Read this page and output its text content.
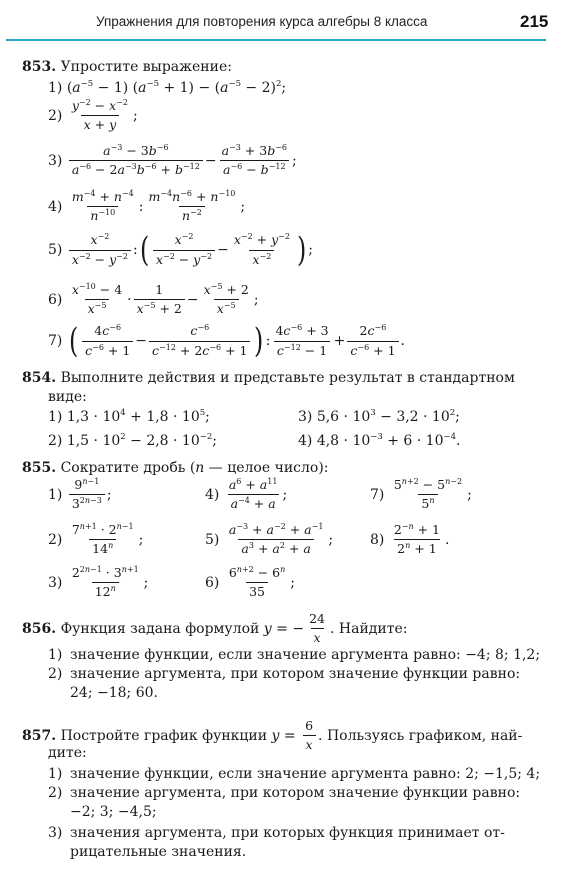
Упражнения для повторения курса алгебры 8 класса	215
853. Упростите выражение:
1) $(a^{-5} - 1) (a^{-5} + 1) - (a^{-5} - 2)^2$;
$2) \frac{y^{-2} - x^{-2}}{x + y}$ ;
$3) \frac{a^{-3} - 3b^{-6}}{a^{-6} - 2a^{-3}b^{-6} + b^{-12}} - \frac{a^{-3} + 3b^{-6}}{a^{-6} - b^{-12}}$ ;
$4) \frac{m^{-4} + n^{-4}}{n^{-10}}$ : $\frac{m^{-4}n^{-6} + n^{-10}}{n^{-2}}$ ;
$5) \frac{x^{-2}}{x^{-2} - y^{-2}}$ :( $\frac{x^{-2}}{x^{-2} - y^{-2}} - \frac{x^{-2} + y^{-2}}{x^{-2}}$ ) ;
$6) \frac{x^{-10} - 4}{x^{-5}} \cdot \frac{1}{x^{-5} + 2} - \frac{x^{-5} + 2}{x^{-5}}$ ;
7) ( $\frac{4c^{-6}}{c^{-6} + 1} - \frac{c^{-6}}{c^{-12} + 2c^{-6} + 1}$ ) : $\frac{4c^{-6} + 3}{c^{-12} - 1} + \frac{2c^{-6}}{c^{-6} + 1}$ .
854. Выполните действия и представьте результат в стандартном
виде:
1) $1,3 \cdot 10^4 + 1,8 \cdot 10^5$;	3) $5,6 \cdot 10^3 - 3,2 \cdot 10^2$;
2) $1,5 \cdot 10^2 - 2,8 \cdot 10^{-2}$;	4) $4,8 \cdot 10^{-3} + 6 \cdot 10^{-4}$.
855. Сократите дробь (n — целое число):
$1) \frac{9^{n-1}}{3^{2n-3}}$ ;	$4) \frac{a^6 + a^{11}}{a^{-4} + a}$ ;	$7) \frac{5^{n+2} - 5^{n-2}}{5^n}$ ;
$2) \frac{7^{n+1} \cdot 2^{n-1}}{14^n}$ ;	$5) \frac{a^{-3} + a^{-2} + a^{-1}}{a^3 + a^2 + a}$ ;	$8) \frac{2^{-n} + 1}{2^n + 1}$ .
$3) \frac{2^{2n-1} \cdot 3^{n+1}}{12^n}$ ;	$6) \frac{6^{n+2} - 6^n}{35}$ ;
856. Функция задана формулой y = − $\frac{24}{x}$ . Найдите:
1) значение функции, если значение аргумента равно: −4; 8; 1,2;
2) значение аргумента, при котором значение функции равно:
24; −18; 60.
857. Постройте график функции $y = \frac{6}{x}$ . Пользуясь графиком, най-
дите:
1) значение функции, если значение аргумента равно: 2; −1,5; 4;
2) значение аргумента, при котором значение функции равно:
−2; 3; −4,5;
3) значения аргумента, при которых функция принимает от-
рицательные значения.
